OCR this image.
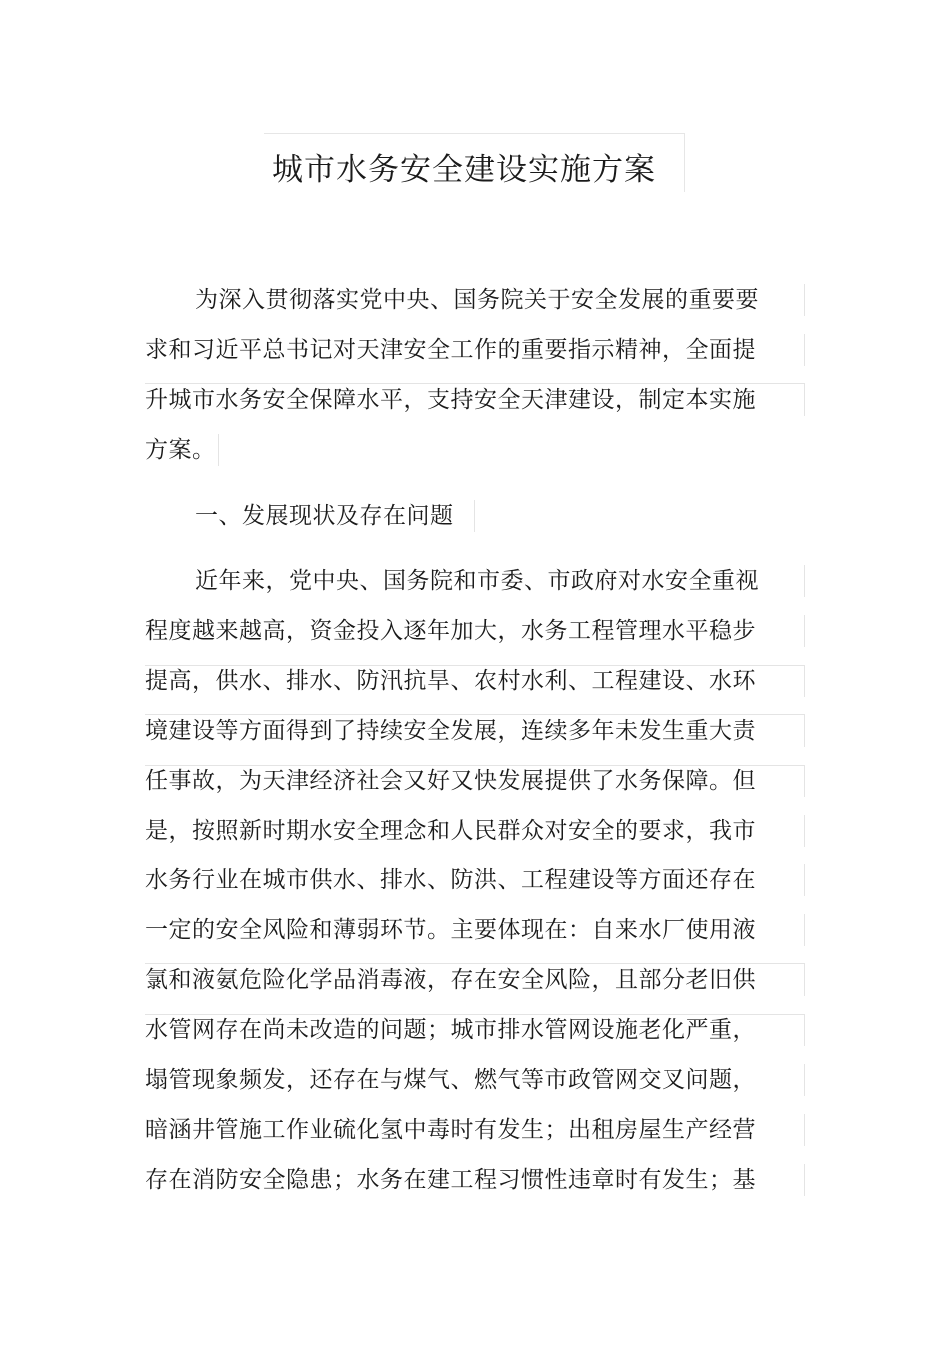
城市水务安全建设实施方案
为深入贯彻落实党中央、国务院关于安全发展的重要要
求和习近平总书记对天津安全工作的重要指示精神，全面提
升城市水务安全保障水平，支持安全天津建设，制定本实施
方案。
一、发展现状及存在问题
近年来，党中央、国务院和市委、市政府对水安全重视
程度越来越高，资金投入逐年加大，水务工程管理水平稳步
提高，供水、排水、防汛抗旱、农村水利、工程建设、水环
境建设等方面得到了持续安全发展，连续多年未发生重大责
任事故，为天津经济社会又好又快发展提供了水务保障。但
是，按照新时期水安全理念和人民群众对安全的要求，我市
水务行业在城市供水、排水、防洪、工程建设等方面还存在
一定的安全风险和薄弱环节。主要体现在：自来水厂使用液
氯和液氨危险化学品消毒液，存在安全风险，且部分老旧供
水管网存在尚未改造的问题；城市排水管网设施老化严重，
塌管现象频发，还存在与煤气、燃气等市政管网交叉问题，
暗涵井管施工作业硫化氢中毒时有发生；出租房屋生产经营
存在消防安全隐患；水务在建工程习惯性违章时有发生；基
